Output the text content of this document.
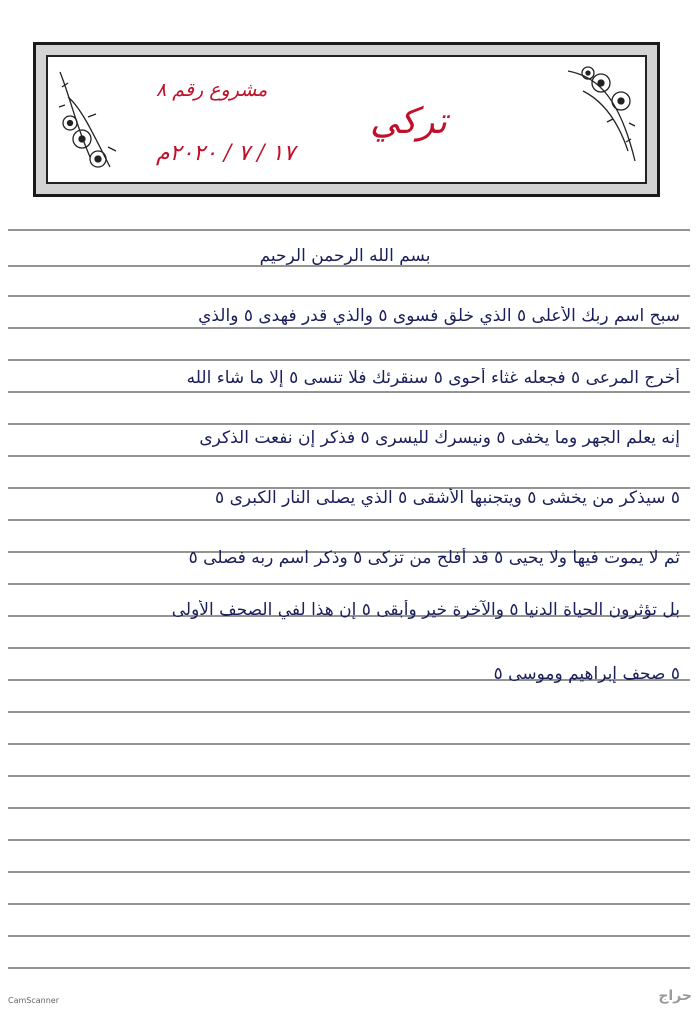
مشروع رقم ٨
١٧ / ٧ / ٢٠٢٠م
تركي
بسم الله الرحمن الرحيم
سبح اسم ربك الأعلى ٥ الذي خلق فسوى ٥ والذي قدر فهدى ٥ والذي
أخرج المرعى ٥ فجعله غثاء أحوى ٥ سنقرئك فلا تنسى ٥ إلا ما شاء الله
إنه يعلم الجهر وما يخفى ٥ ونيسرك لليسرى ٥ فذكر إن نفعت الذكرى
٥ سيذكر من يخشى ٥ ويتجنبها الأشقى ٥ الذي يصلى النار الكبرى ٥
ثم لا يموت فيها ولا يحيى ٥ قد أفلح من تزكى ٥ وذكر اسم ربه فصلى ٥
بل تؤثرون الحياة الدنيا ٥ والآخرة خير وأبقى ٥ إن هذا لفي الصحف الأولى
٥ صحف إبراهيم وموسى ٥
CamScanner	حراج
